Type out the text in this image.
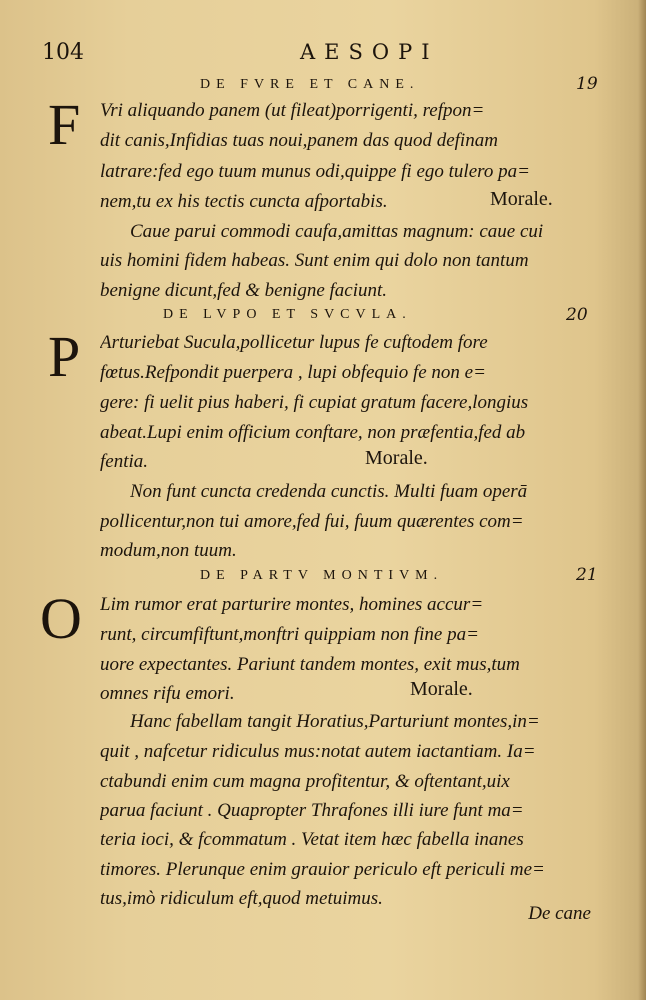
104	AESOPI
DE FVRE ET CANE.	19
F Vri aliquando panem (ut fileat)porrigenti, refpon=
dit canis,Infidias tuas noui,panem das quod definam
latrare:fed ego tuum munus odi,quippe fi ego tulero pa=
nem,tu ex his tectis cuncta afportabis.	Morale.
Caue parui commodi caufa,amittas magnum: caue cui
uis homini fidem habeas. Sunt enim qui dolo non tantum
benigne dicunt,fed & benigne faciunt.
DE LVPO ET SVCVLA.	20
P Arturiebat Sucula,pollicetur lupus fe cuftodem fore
fœtus.Refpondit puerpera , lupi obfequio fe non e=
gere: fi uelit pius haberi, fi cupiat gratum facere,longius
abeat.Lupi enim officium conftare, non præfentia,fed ab
fentia.	Morale.
Non funt cuncta credenda cunctis. Multi fuam operā
pollicentur,non tui amore,fed fui, fuum quærentes com=
modum,non tuum.
DE PARTV MONTIVM.	21
O Lim rumor erat parturire montes, homines accur=
runt, circumfiftunt,monftri quippiam non fine pa=
uore expectantes. Pariunt tandem montes, exit mus,tum
omnes rifu emori.	Morale.
Hanc fabellam tangit Horatius,Parturiunt montes,in=
quit , nafcetur ridiculus mus:notat autem iactantiam. Ia=
ctabundi enim cum magna profitentur, & oftentant,uix
parua faciunt . Quapropter Thrafones illi iure funt ma=
teria ioci, & fcommatum . Vetat item hæc fabella inanes
timores. Plerunque enim grauior periculo eft periculi me=
tus,imò ridiculum eft,quod metuimus.
De cane
